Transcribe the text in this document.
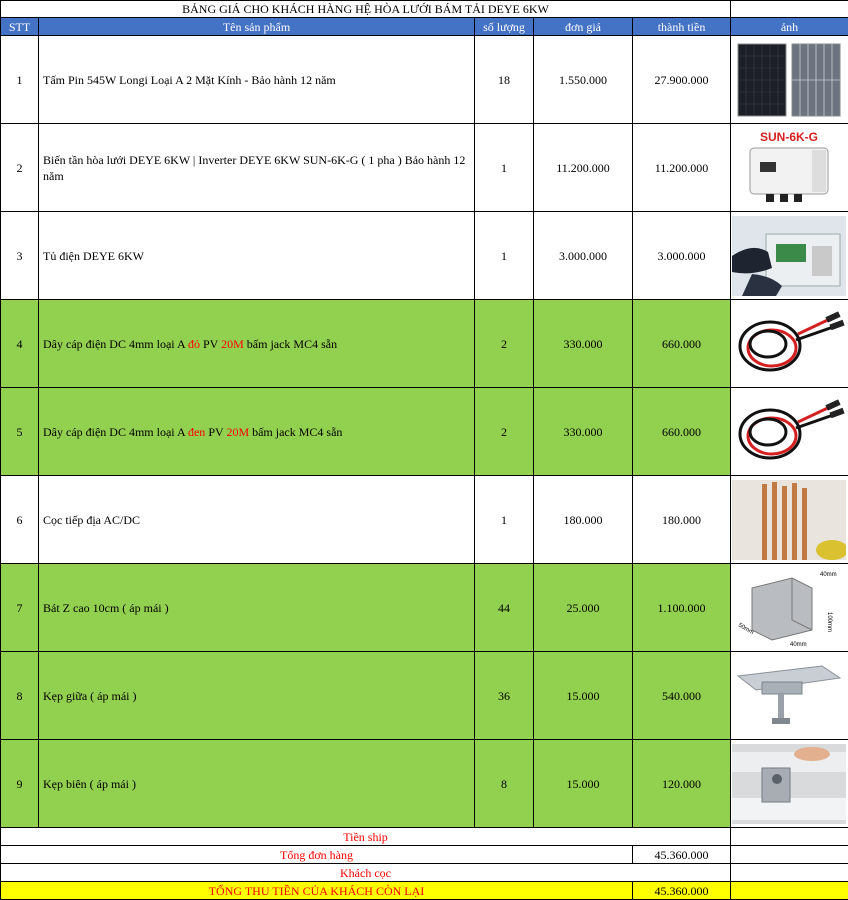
BẢNG GIÁ CHO KHÁCH HÀNG HỆ HÒA LƯỚI BÁM TẢI DEYE 6KW					
STT	Tên sản phẩm	số lượng	đơn giá	thành tiền	ảnh
1	Tấm Pin 545W Longi Loại A 2 Mặt Kính - Bảo hành 12 năm	18	1.550.000	27.900.000	

2	Biến tần hòa lưới DEYE 6KW | Inverter DEYE 6KW SUN-6K-G ( 1 pha ) Bảo hành 12 năm	1	11.200.000	11.200.000	SUN-6K-G

3	Tủ điện DEYE 6KW	1	3.000.000	3.000.000	

4	Dây cáp điện DC 4mm loại A đỏ PV 20M bấm jack MC4 sẵn	2	330.000	660.000	

5	Dây cáp điện DC 4mm loại A đen PV 20M bấm jack MC4 sẵn	2	330.000	660.000	

6	Cọc tiếp địa AC/DC	1	180.000	180.000	

7	Bát Z cao 10cm ( áp mái )	44	25.000	1.100.000	40mm
100mm
50mm
40mm

8	Kẹp giữa ( áp mái )	36	15.000	540.000	

9	Kẹp biên ( áp mái )	8	15.000	120.000	

Tiền ship					
Tổng đơn hàng				45.360.000	
Khách cọc					
TỔNG THU TIỀN CỦA KHÁCH CÒN LẠI				45.360.000	
